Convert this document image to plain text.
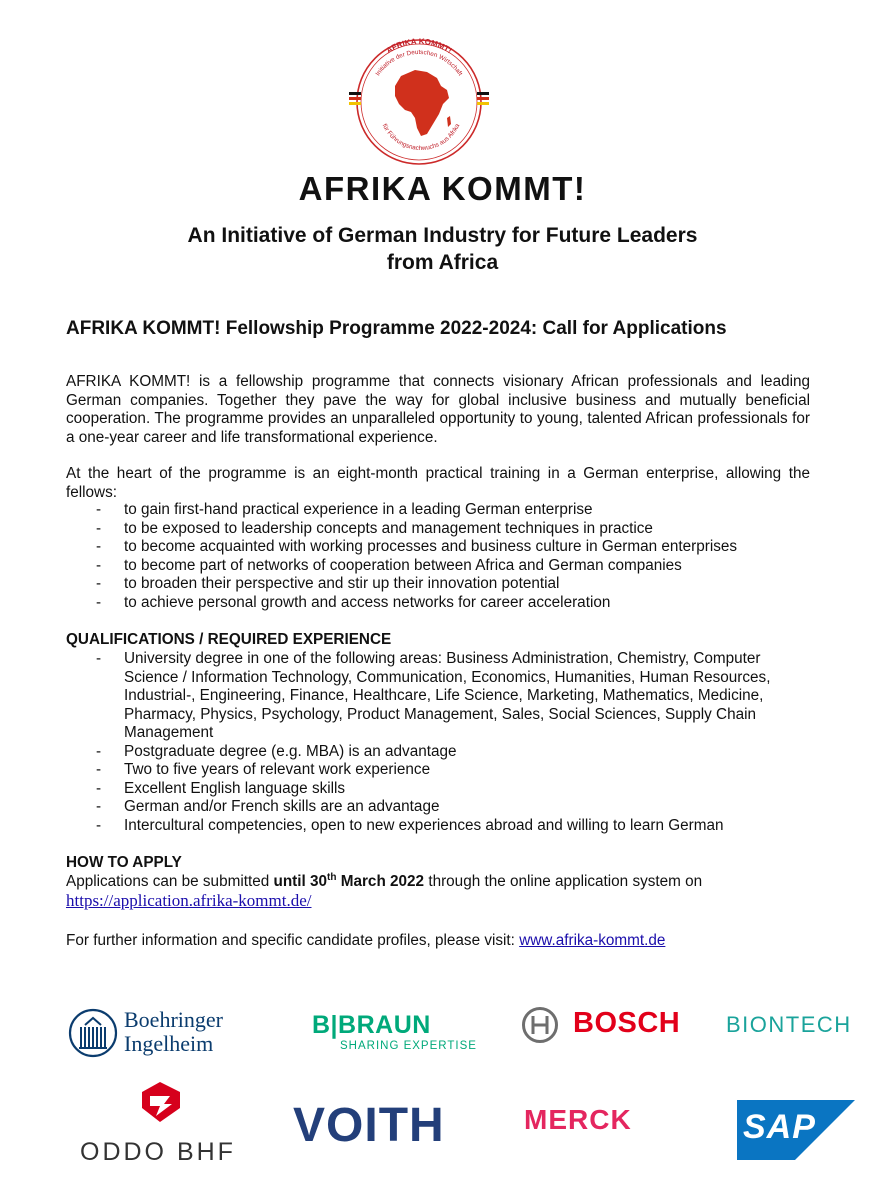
AFRIKA KOMMT!
Initiative der Deutschen Wirtschaft
für Führungsnachwuchs aus Afrika
AFRIKA KOMMT!
An Initiative of German Industry for Future Leaders
from Africa
AFRIKA KOMMT! Fellowship Programme 2022-2024: Call for Applications
AFRIKA KOMMT! is a fellowship programme that connects visionary African professionals and leading German companies. Together they pave the way for global inclusive business and mutually beneficial cooperation. The programme provides an unparalleled opportunity to young, talented African professionals for a one-year career and life transformational experience.
At the heart of the programme is an eight-month practical training in a German enterprise, allowing the fellows:
- to gain first-hand practical experience in a leading German enterprise
- to be exposed to leadership concepts and management techniques in practice
- to become acquainted with working processes and business culture in German enterprises
- to become part of networks of cooperation between Africa and German companies
- to broaden their perspective and stir up their innovation potential
- to achieve personal growth and access networks for career acceleration
QUALIFICATIONS / REQUIRED EXPERIENCE
- University degree in one of the following areas: Business Administration, Chemistry, Computer Science / Information Technology, Communication, Economics, Humanities, Human Resources, Industrial-, Engineering, Finance, Healthcare, Life Science, Marketing, Mathematics, Medicine, Pharmacy, Physics, Psychology, Product Management, Sales, Social Sciences, Supply Chain Management
- Postgraduate degree (e.g. MBA) is an advantage
- Two to five years of relevant work experience
- Excellent English language skills
- German and/or French skills are an advantage
- Intercultural competencies, open to new experiences abroad and willing to learn German
HOW TO APPLY
Applications can be submitted until 30th March 2022 through the online application system on
https://application.afrika-kommt.de/
For further information and specific candidate profiles, please visit: www.afrika-kommt.de
Boehringer
Ingelheim
B|BRAUN
SHARING EXPERTISE
BOSCH BIONTECH
ODDO BHF VOITH	MERCK	SAP
